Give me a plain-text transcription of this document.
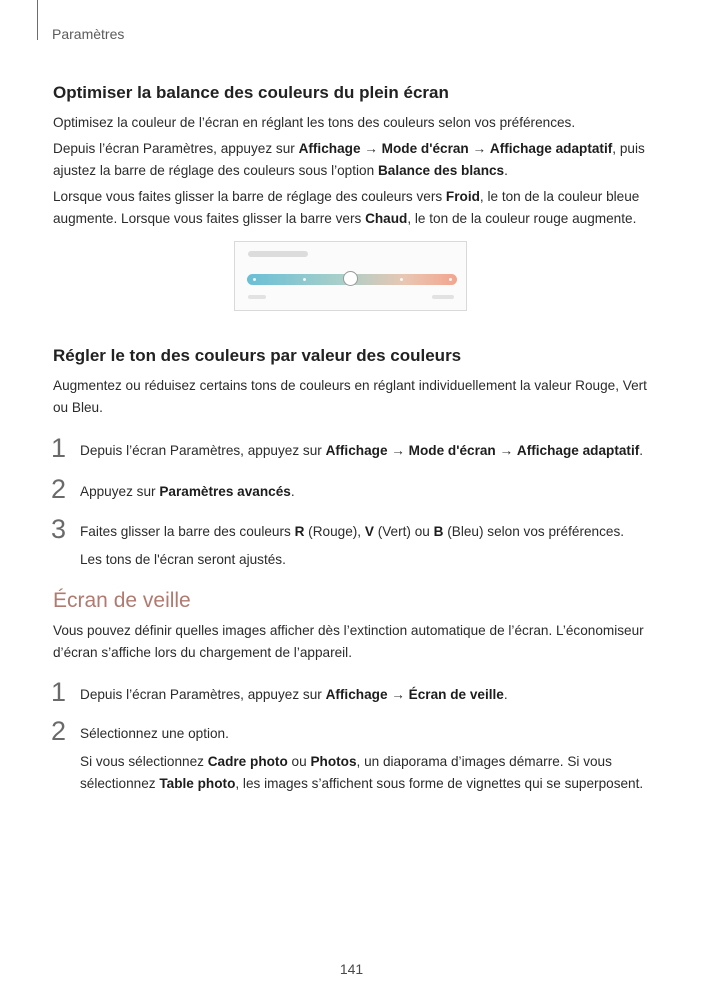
Paramètres
Optimiser la balance des couleurs du plein écran

Optimisez la couleur de l’écran en réglant les tons des couleurs selon vos préférences.

Depuis l’écran Paramètres, appuyez sur Affichage → Mode d'écran → Affichage adaptatif, puis ajustez la barre de réglage des couleurs sous l’option Balance des blancs.

Lorsque vous faites glisser la barre de réglage des couleurs vers Froid, le ton de la couleur bleue augmente. Lorsque vous faites glisser la barre vers Chaud, le ton de la couleur rouge augmente.

Régler le ton des couleurs par valeur des couleurs

Augmentez ou réduisez certains tons de couleurs en réglant individuellement la valeur Rouge, Vert ou Bleu.

1 Depuis l’écran Paramètres, appuyez sur Affichage → Mode d'écran → Affichage adaptatif.

2 Appuyez sur Paramètres avancés.

3 Faites glisser la barre des couleurs R (Rouge), V (Vert) ou B (Bleu) selon vos préférences.

Les tons de l'écran seront ajustés.

Écran de veille

Vous pouvez définir quelles images afficher dès l’extinction automatique de l’écran. L’économiseur d’écran s’affiche lors du chargement de l’appareil.

1 Depuis l’écran Paramètres, appuyez sur Affichage → Écran de veille.

2 Sélectionnez une option.

Si vous sélectionnez Cadre photo ou Photos, un diaporama d’images démarre. Si vous sélectionnez Table photo, les images s’affichent sous forme de vignettes qui se superposent.

141
